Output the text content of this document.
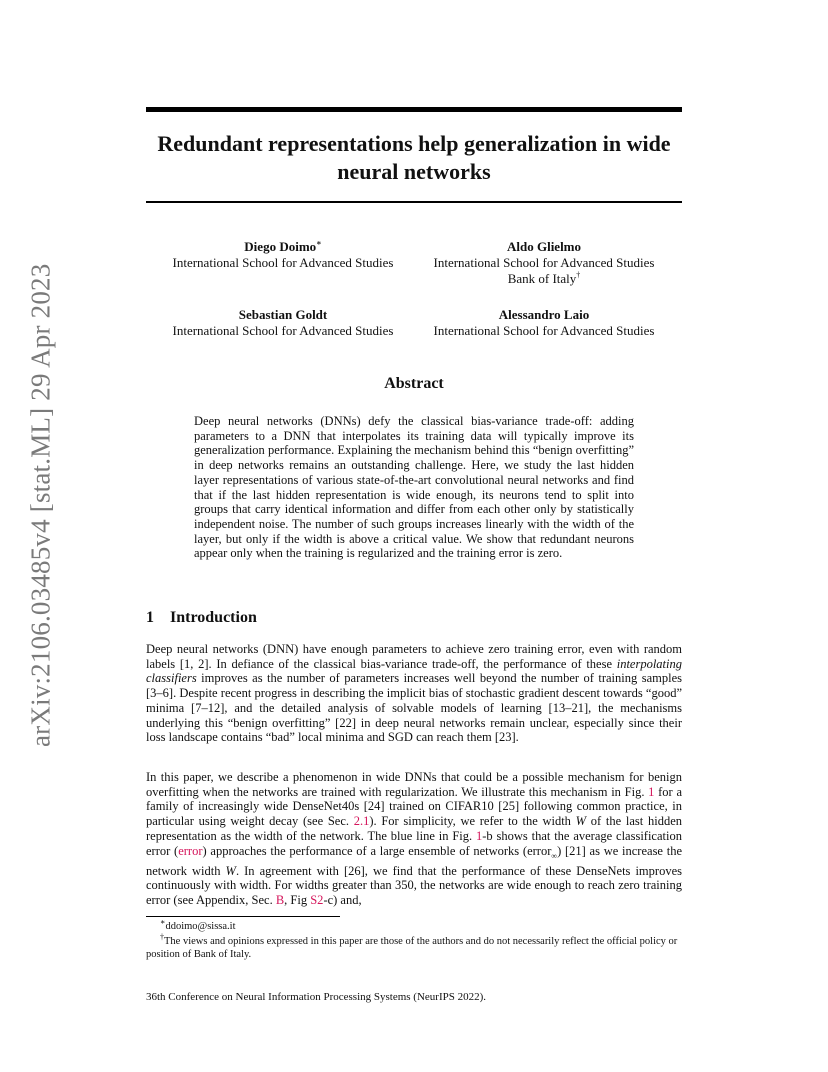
arXiv:2106.03485v4 [stat.ML] 29 Apr 2023
Redundant representations help generalization in wide neural networks
Diego Doimo∗
International School for Advanced Studies
Aldo Glielmo
International School for Advanced Studies
Bank of Italy†
Sebastian Goldt
International School for Advanced Studies
Alessandro Laio
International School for Advanced Studies
Abstract
Deep neural networks (DNNs) defy the classical bias-variance trade-off: adding parameters to a DNN that interpolates its training data will typically improve its generalization performance. Explaining the mechanism behind this “benign overfitting” in deep networks remains an outstanding challenge. Here, we study the last hidden layer representations of various state-of-the-art convolutional neural networks and find that if the last hidden representation is wide enough, its neurons tend to split into groups that carry identical information and differ from each other only by statistically independent noise. The number of such groups increases linearly with the width of the layer, but only if the width is above a critical value. We show that redundant neurons appear only when the training is regularized and the training error is zero.
1 Introduction

Deep neural networks (DNN) have enough parameters to achieve zero training error, even with random labels [1, 2]. In defiance of the classical bias-variance trade-off, the performance of these interpolating classifiers improves as the number of parameters increases well beyond the number of training samples [3–6]. Despite recent progress in describing the implicit bias of stochastic gradient descent towards “good” minima [7–12], and the detailed analysis of solvable models of learning [13–21], the mechanisms underlying this “benign overfitting” [22] in deep neural networks remain unclear, especially since their loss landscape contains “bad” local minima and SGD can reach them [23].

In this paper, we describe a phenomenon in wide DNNs that could be a possible mechanism for benign overfitting when the networks are trained with regularization. We illustrate this mechanism in Fig. 1 for a family of increasingly wide DenseNet40s [24] trained on CIFAR10 [25] following common practice, in particular using weight decay (see Sec. 2.1). For simplicity, we refer to the width W of the last hidden representation as the width of the network. The blue line in Fig. 1-b shows that the average classification error (error) approaches the performance of a large ensemble of networks (error$_\infty$) [21] as we increase the network width W. In agreement with [26], we find that the performance of these DenseNets improves continuously with width. For widths greater than 350, the networks are wide enough to reach zero training error (see Appendix, Sec. B, Fig S2-c) and,

∗ddoimo@sissa.it
†The views and opinions expressed in this paper are those of the authors and do not necessarily reflect the official policy or position of Bank of Italy.
36th Conference on Neural Information Processing Systems (NeurIPS 2022).
